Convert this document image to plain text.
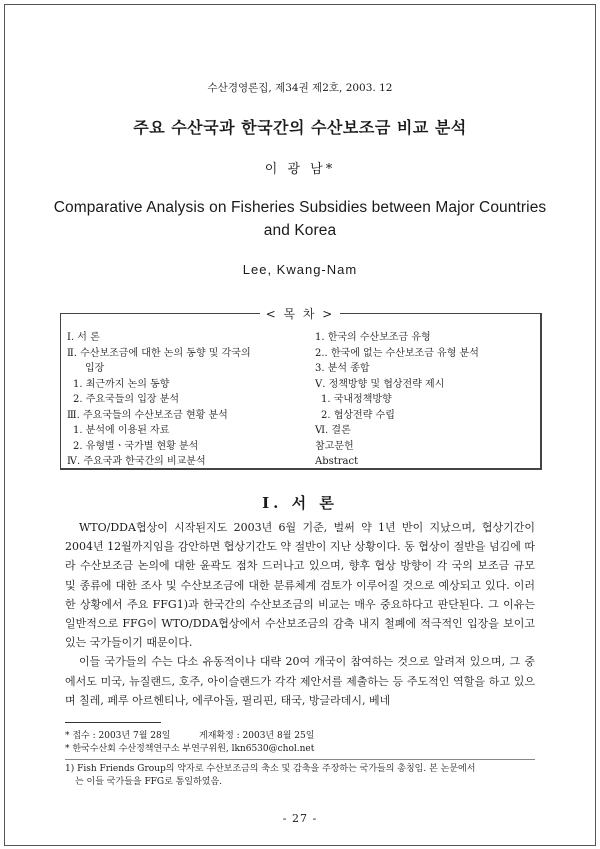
수산경영론집, 제34권 제2호, 2003. 12
주요 수산국과 한국간의 수산보조금 비교 분석
이 광 남*
Comparative Analysis on Fisheries Subsidies between Major Countries and Korea
Lee, Kwang-Nam
Ⅰ. 서 론
Ⅱ. 수산보조금에 대한 논의 동향 및 각국의
입장
1. 최근까지 논의 동향
2. 주요국들의 입장 분석
Ⅲ. 주요국들의 수산보조금 현황 분석
1. 분석에 이용된 자료
2. 유형별ㆍ국가별 현황 분석
Ⅳ. 주요국과 한국간의 비교분석
1. 한국의 수산보조금 유형
2.. 한국에 없는 수산보조금 유형 분석
3. 분석 종합
Ⅴ. 정책방향 및 협상전략 제시
1. 국내정책방향
2. 협상전략 수립
Ⅵ. 결론
참고문헌
Abstract
< 목 차 >
Ⅰ. 서 론

WTO/DDA협상이 시작된지도 2003년 6월 기준, 벌써 약 1년 반이 지났으며, 협상기간이 2004년 12월까지임을 감안하면 협상기간도 약 절반이 지난 상황이다. 동 협상이 절반을 넘김에 따라 수산보조금 논의에 대한 윤곽도 점차 드러나고 있으며, 향후 협상 방향이 각 국의 보조금 규모 및 종류에 대한 조사 및 수산보조금에 대한 분류체계 검토가 이루어질 것으로 예상되고 있다. 이러한 상황에서 주요 FFG1)과 한국간의 수산보조금의 비교는 매우 중요하다고 판단된다. 그 이유는 일반적으로 FFG이 WTO/DDA협상에서 수산보조금의 감축 내지 철폐에 적극적인 입장을 보이고 있는 국가들이기 때문이다.

이들 국가들의 수는 다소 유동적이나 대략 20여 개국이 참여하는 것으로 알려져 있으며, 그 중에서도 미국, 뉴질랜드, 호주, 아이슬랜드가 각각 제안서를 제출하는 등 주도적인 역할을 하고 있으며 칠레, 페루 아르헨티나, 에쿠아돌, 필리핀, 태국, 방글라데시, 베네

* 접수 : 2003년 7월 28일          게재확정 : 2003년 8월 25일
* 한국수산회 수산정책연구소 부연구위원, lkn6530@chol.net
1) Fish Friends Group의 약자로 수산보조금의 축소 및 감축을 주장하는 국가들의 총칭임. 본 논문에서
는 이들 국가들을 FFG로 통일하였음.
- 27 -
